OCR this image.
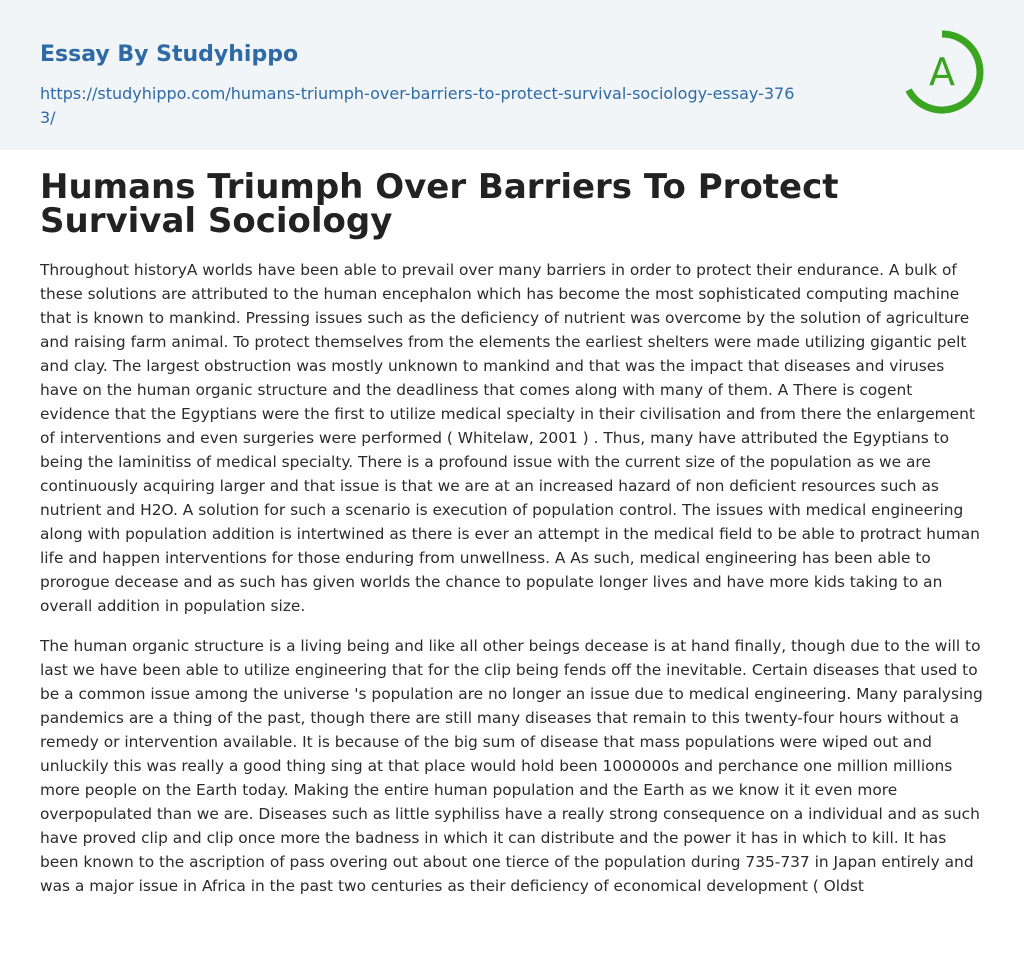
Essay By Studyhippo
https://studyhippo.com/humans-triumph-over-barriers-to-protect-survival-sociology-essay-3763/
A
Humans Triumph Over Barriers To Protect Survival Sociology

Throughout historyA worlds have been able to prevail over many barriers in order to protect their endurance. A bulk of these solutions are attributed to the human encephalon which has become the most sophisticated computing machine that is known to mankind. Pressing issues such as the deficiency of nutrient was overcome by the solution of agriculture and raising farm animal. To protect themselves from the elements the earliest shelters were made utilizing gigantic pelt and clay. The largest obstruction was mostly unknown to mankind and that was the impact that diseases and viruses have on the human organic structure and the deadliness that comes along with many of them. A There is cogent evidence that the Egyptians were the first to utilize medical specialty in their civilisation and from there the enlargement of interventions and even surgeries were performed ( Whitelaw, 2001 ) . Thus, many have attributed the Egyptians to being the laminitiss of medical specialty. There is a profound issue with the current size of the population as we are continuously acquiring larger and that issue is that we are at an increased hazard of non deficient resources such as nutrient and H2O. A solution for such a scenario is execution of population control. The issues with medical engineering along with population addition is intertwined as there is ever an attempt in the medical field to be able to protract human life and happen interventions for those enduring from unwellness. A As such, medical engineering has been able to prorogue decease and as such has given worlds the chance to populate longer lives and have more kids taking to an overall addition in population size.

The human organic structure is a living being and like all other beings decease is at hand finally, though due to the will to last we have been able to utilize engineering that for the clip being fends off the inevitable. Certain diseases that used to be a common issue among the universe 's population are no longer an issue due to medical engineering. Many paralysing pandemics are a thing of the past, though there are still many diseases that remain to this twenty-four hours without a remedy or intervention available. It is because of the big sum of disease that mass populations were wiped out and unluckily this was really a good thing sing at that place would hold been 1000000s and perchance one million millions more people on the Earth today. Making the entire human population and the Earth as we know it it even more overpopulated than we are. Diseases such as little syphiliss have a really strong consequence on a individual and as such have proved clip and clip once more the badness in which it can distribute and the power it has in which to kill. It has been known to the ascription of pass overing out about one tierce of the population during 735-737 in Japan entirely and was a major issue in Africa in the past two centuries as their deficiency of economical development ( Oldst
